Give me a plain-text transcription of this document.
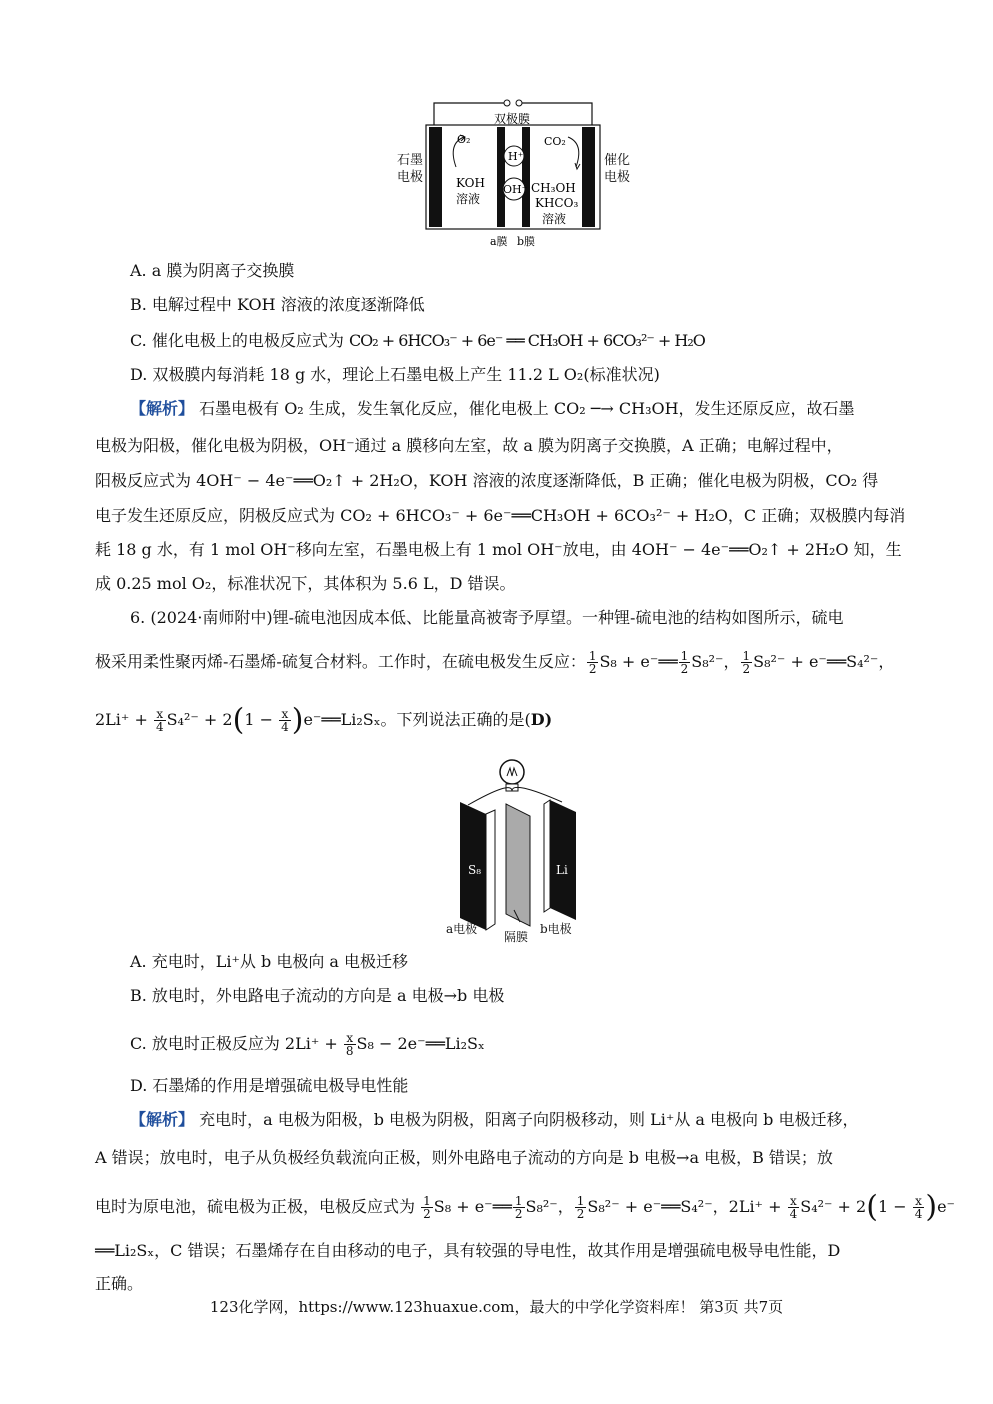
双极膜
O₂
KOH
溶液
H⁺
OH⁻
CO₂
CH₃OH
KHCO₃
溶液
a膜 b膜
石墨
电极
催化
电极
A. a 膜为阴离子交换膜
B. 电解过程中 KOH 溶液的浓度逐渐降低
C. 催化电极上的电极反应式为 CO₂ + 6HCO₃⁻ + 6e⁻ ══ CH₃OH + 6CO₃²⁻ + H₂O
D. 双极膜内每消耗 18 g 水，理论上石墨电极上产生 11.2 L O₂(标准状况)
【解析】 石墨电极有 O₂ 生成，发生氧化反应，催化电极上 CO₂ ─→ CH₃OH，发生还原反应，故石墨
电极为阳极，催化电极为阴极，OH⁻通过 a 膜移向左室，故 a 膜为阴离子交换膜，A 正确；电解过程中，
阳极反应式为 4OH⁻ − 4e⁻══O₂↑ + 2H₂O，KOH 溶液的浓度逐渐降低，B 正确；催化电极为阴极，CO₂ 得
电子发生还原反应，阴极反应式为 CO₂ + 6HCO₃⁻ + 6e⁻══CH₃OH + 6CO₃²⁻ + H₂O，C 正确；双极膜内每消
耗 18 g 水，有 1 mol OH⁻移向左室，石墨电极上有 1 mol OH⁻放电，由 4OH⁻ − 4e⁻══O₂↑ + 2H₂O 知，生
成 0.25 mol O₂，标准状况下，其体积为 5.6 L，D 错误。
6. (2024·南师附中)锂-硫电池因成本低、比能量高被寄予厚望。一种锂-硫电池的结构如图所示，硫电
极采用柔性聚丙烯-石墨烯-硫复合材料。工作时，在硫电极发生反应： $\frac{1}{2} S_8$ + e⁻══ $\frac{1}{2} S_8^{2-}$， $\frac{1}{2} S_8^{2-}$ + e⁻══S₄²⁻，
$2Li^+ + \frac{x}{4} S_4^{2-} + 2(1 - \frac{x}{4}$ )e⁻══Li₂Sₓ。下列说法正确的是(D)
S₈	Li
a电极
隔膜
b电极
A. 充电时，Li⁺从 b 电极向 a 电极迁移
B. 放电时，外电路电子流动的方向是 a 电极→b 电极
C. 放电时正极反应为 $2Li^+ + \frac{x}{8} S_8$ − 2e⁻══Li₂Sₓ
D. 石墨烯的作用是增强硫电极导电性能
【解析】 充电时，a 电极为阳极，b 电极为阴极，阳离子向阴极移动，则 Li⁺从 a 电极向 b 电极迁移，
A 错误；放电时，电子从负极经负载流向正极，则外电路电子流动的方向是 b 电极→a 电极，B 错误；放
电时为原电池，硫电极为正极，电极反应式为 $\frac{1}{2} S_8$ + e⁻══ $\frac{1}{2} S_8^{2-}$， $\frac{1}{2} S_8^{2-}$ + e⁻══S₄²⁻，$2Li^+ + \frac{x}{4} S_4^{2-} + 2(1 - \frac{x}{4} )e^-$
══Li₂Sₓ，C 错误；石墨烯存在自由移动的电子，具有较强的导电性，故其作用是增强硫电极导电性能，D
正确。
123化学网，https://www.123huaxue.com，最大的中学化学资料库！ 第3页 共7页
